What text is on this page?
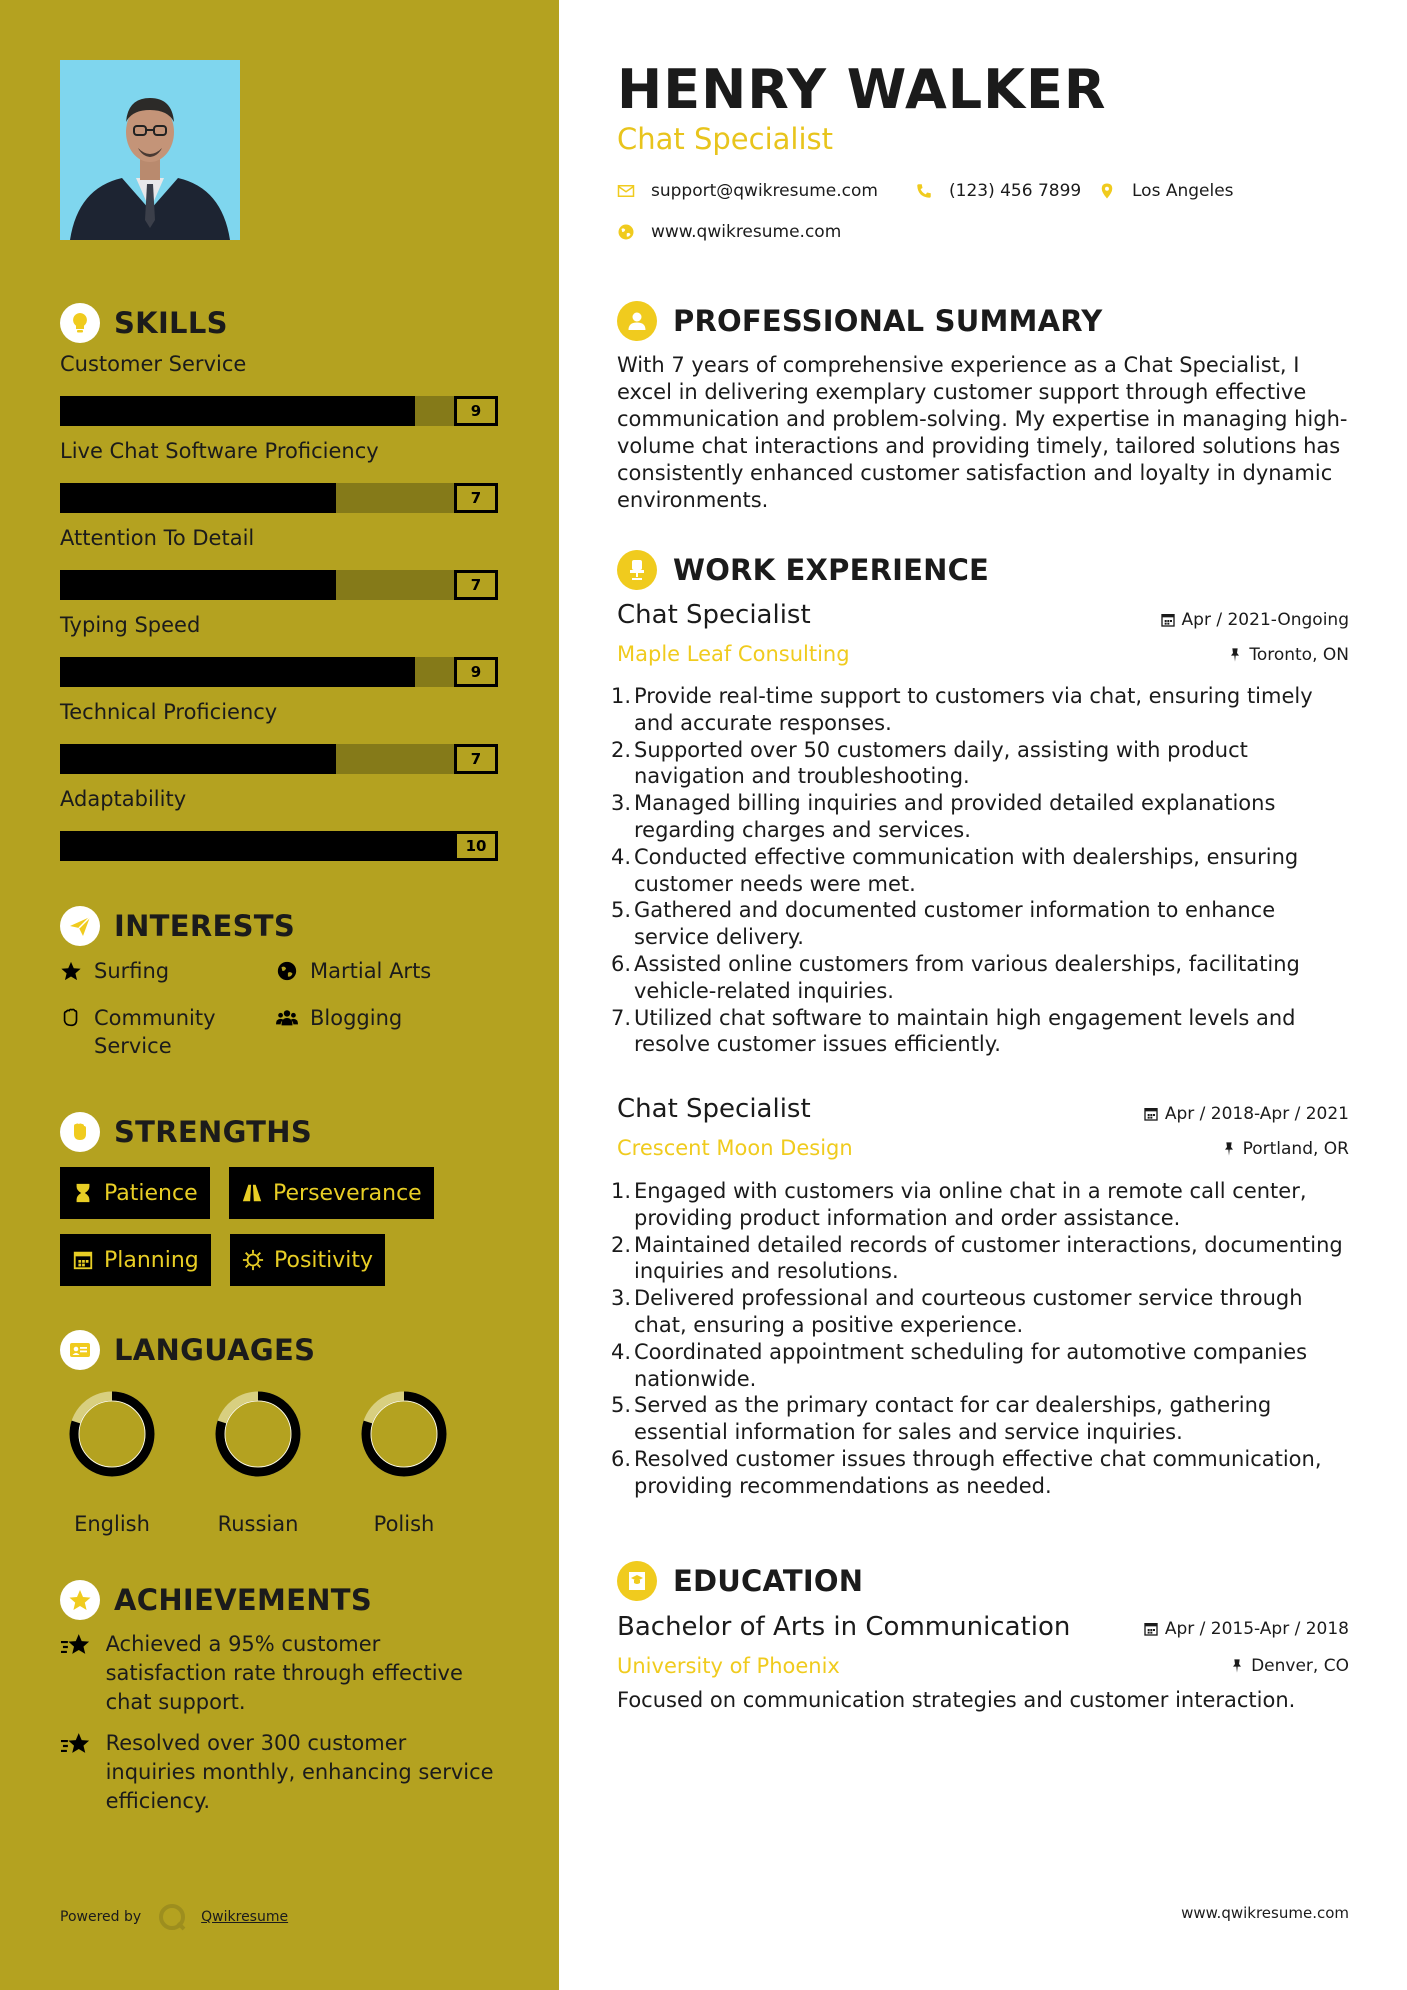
SKILLS
Customer Service
9
Live Chat Software Proficiency
7
Attention To Detail
7
Typing Speed
9
Technical Proficiency
7
Adaptability
10
INTERESTS
Surfing	Martial Arts
Community Service
Blogging
STRENGTHS
Patience	Perseverance
Planning	Positivity
LANGUAGES
English	Russian	Polish
ACHIEVEMENTS
Achieved a 95% customer satisfaction rate through effective chat support.
Resolved over 300 customer inquiries monthly, enhancing service efficiency.
Powered by	Qwikresume
HENRY WALKER
Chat Specialist
support@qwikresume.com	(123) 456 7899	Los Angeles
www.qwikresume.com
PROFESSIONAL SUMMARY
With 7 years of comprehensive experience as a Chat Specialist, I excel in delivering exemplary customer support through effective communication and problem-solving. My expertise in managing high-volume chat interactions and providing timely, tailored solutions has consistently enhanced customer satisfaction and loyalty in dynamic environments.
WORK EXPERIENCE
Chat Specialist
Maple Leaf Consulting
Apr / 2021-Ongoing
Toronto, ON
1. Provide real-time support to customers via chat, ensuring timely and accurate responses.
2. Supported over 50 customers daily, assisting with product navigation and troubleshooting.
3. Managed billing inquiries and provided detailed explanations regarding charges and services.
4. Conducted effective communication with dealerships, ensuring customer needs were met.
5. Gathered and documented customer information to enhance service delivery.
6. Assisted online customers from various dealerships, facilitating vehicle-related inquiries.
7. Utilized chat software to maintain high engagement levels and resolve customer issues efficiently.
Chat Specialist
Crescent Moon Design
Apr / 2018-Apr / 2021
Portland, OR
1. Engaged with customers via online chat in a remote call center, providing product information and order assistance.
2. Maintained detailed records of customer interactions, documenting inquiries and resolutions.
3. Delivered professional and courteous customer service through chat, ensuring a positive experience.
4. Coordinated appointment scheduling for automotive companies nationwide.
5. Served as the primary contact for car dealerships, gathering essential information for sales and service inquiries.
6. Resolved customer issues through effective chat communication, providing recommendations as needed.
EDUCATION
Bachelor of Arts in Communication
University of Phoenix
Apr / 2015-Apr / 2018
Denver, CO
Focused on communication strategies and customer interaction.
www.qwikresume.com
